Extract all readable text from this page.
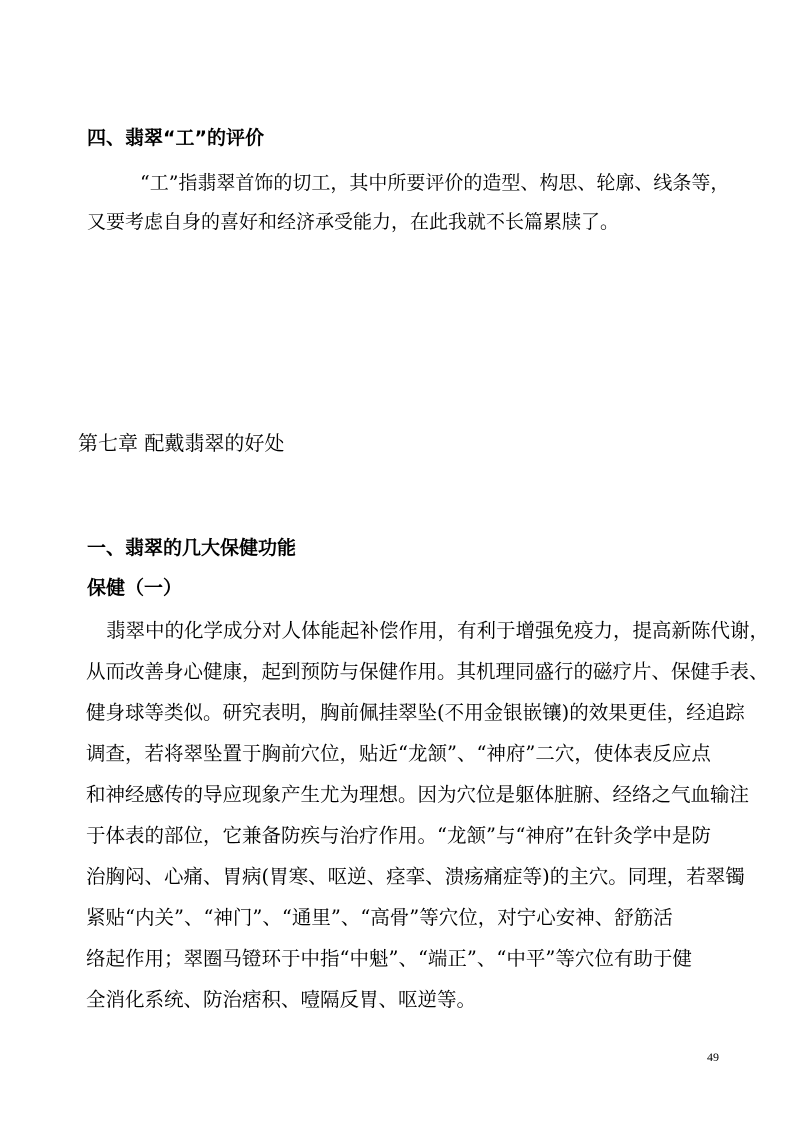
四、翡翠“工”的评价
“工”指翡翠首饰的切工，其中所要评价的造型、构思、轮廓、线条等，
又要考虑自身的喜好和经济承受能力，在此我就不长篇累牍了。
第七章 配戴翡翠的好处
一、翡翠的几大保健功能
保健（一）
翡翠中的化学成分对人体能起补偿作用，有利于增强免疫力，提高新陈代谢，
从而改善身心健康，起到预防与保健作用。其机理同盛行的磁疗片、保健手表、
健身球等类似。研究表明，胸前佩挂翠坠(不用金银嵌镶)的效果更佳，经追踪
调查，若将翠坠置于胸前穴位，贴近“龙颔”、“神府”二穴，使体表反应点
和神经感传的导应现象产生尤为理想。因为穴位是躯体脏腑、经络之气血输注
于体表的部位，它兼备防疾与治疗作用。“龙颔”与“神府”在针灸学中是防
治胸闷、心痛、胃病(胃寒、呕逆、痉挛、溃疡痛症等)的主穴。同理，若翠镯
紧贴“内关”、“神门”、“通里”、“高骨”等穴位，对宁心安神、舒筋活
络起作用；翠圈马镫环于中指“中魁”、“端正”、“中平”等穴位有助于健
全消化系统、防治痞积、噎隔反胃、呕逆等。
49
